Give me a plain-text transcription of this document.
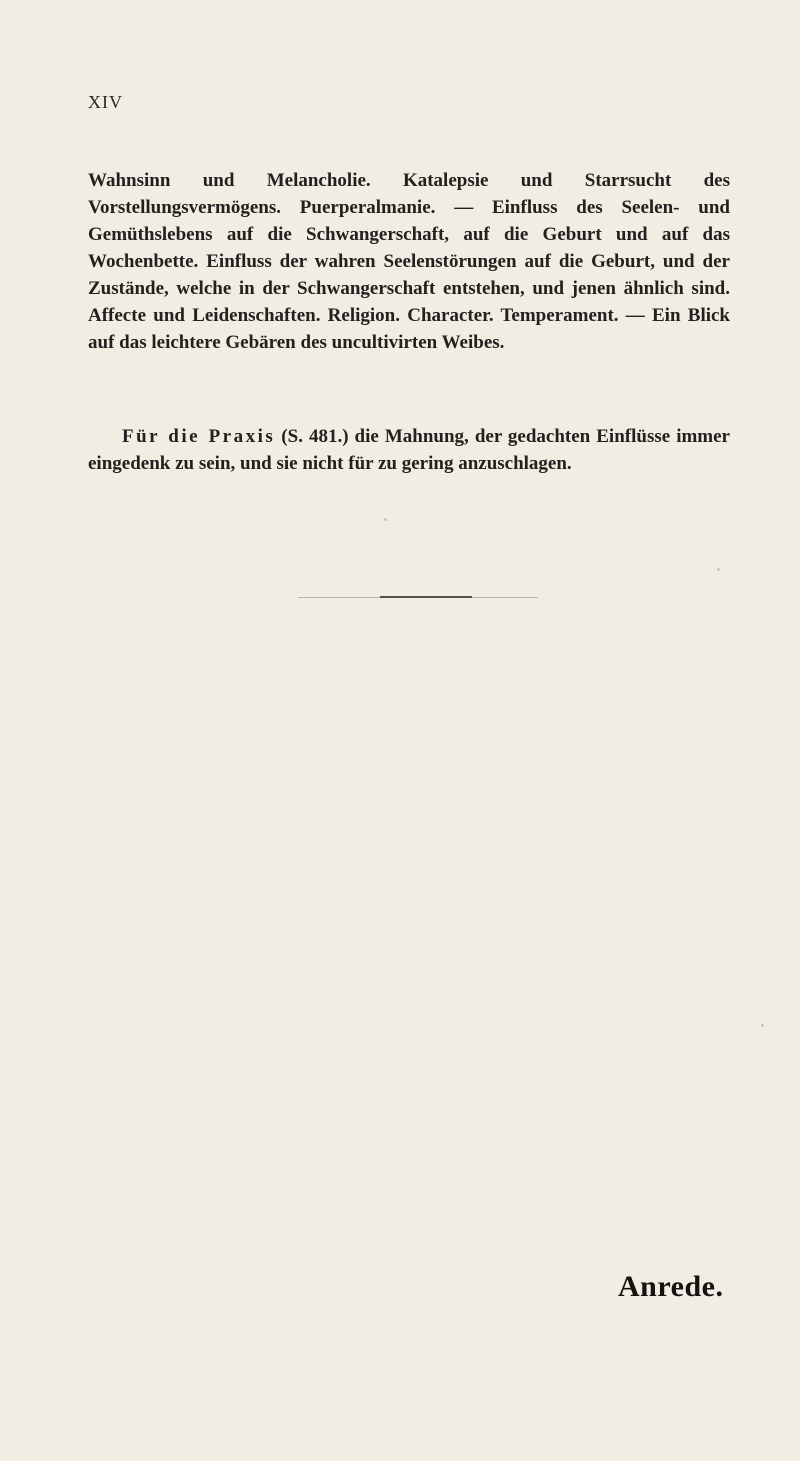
XIV

Wahnsinn und Melancholie. Katalepsie und Starrsucht des Vorstellungsvermögens. Puerperalmanie. — Einfluss des Seelen- und Gemüthslebens auf die Schwangerschaft, auf die Geburt und auf das Wochenbette. Einfluss der wahren Seelenstörungen auf die Geburt, und der Zustände, welche in der Schwangerschaft entstehen, und jenen ähnlich sind. Affecte und Leidenschaften. Religion. Character. Temperament. — Ein Blick auf das leichtere Gebären des uncultivirten Weibes.

Für die Praxis (S. 481.) die Mahnung, der gedachten Einflüsse immer eingedenk zu sein, und sie nicht für zu gering anzuschlagen.

Anrede.
